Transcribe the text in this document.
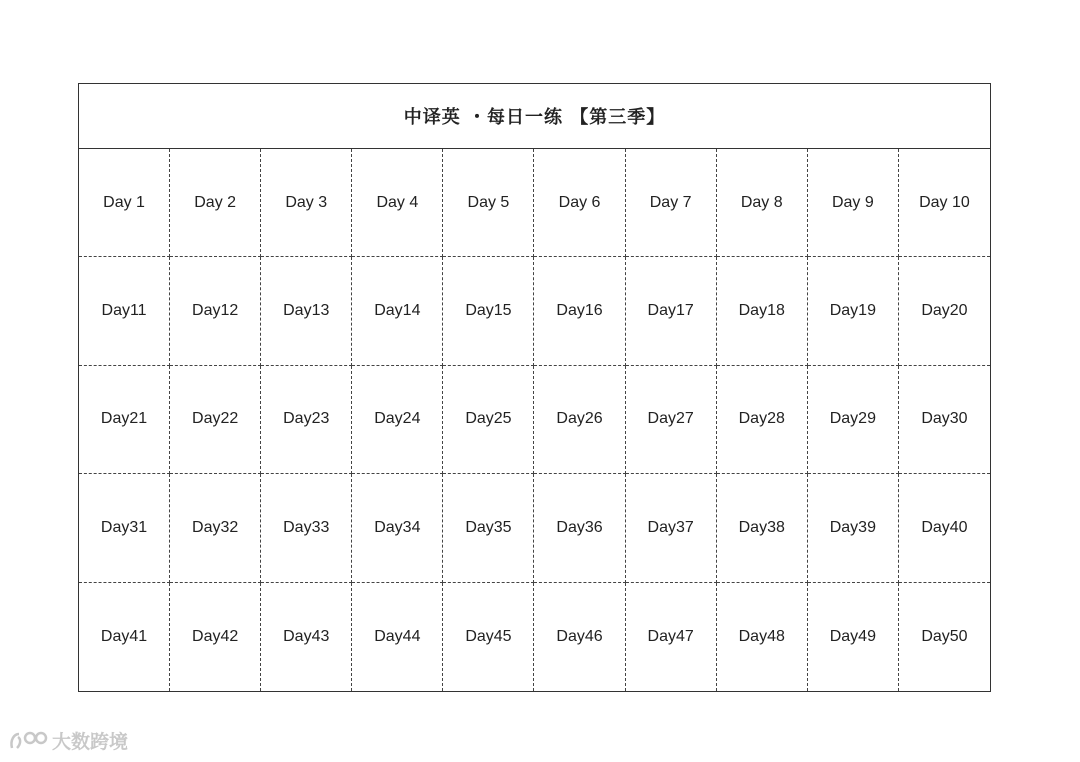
中译英 ・每日一练 【第三季】
Day 1	Day 2	Day 3	Day 4	Day 5	Day 6	Day 7	Day 8	Day 9	Day 10
Day11	Day12	Day13	Day14	Day15	Day16	Day17	Day18	Day19	Day20
Day21	Day22	Day23	Day24	Day25	Day26	Day27	Day28	Day29	Day30
Day31	Day32	Day33	Day34	Day35	Day36	Day37	Day38	Day39	Day40
Day41	Day42	Day43	Day44	Day45	Day46	Day47	Day48	Day49	Day50
大数跨境
